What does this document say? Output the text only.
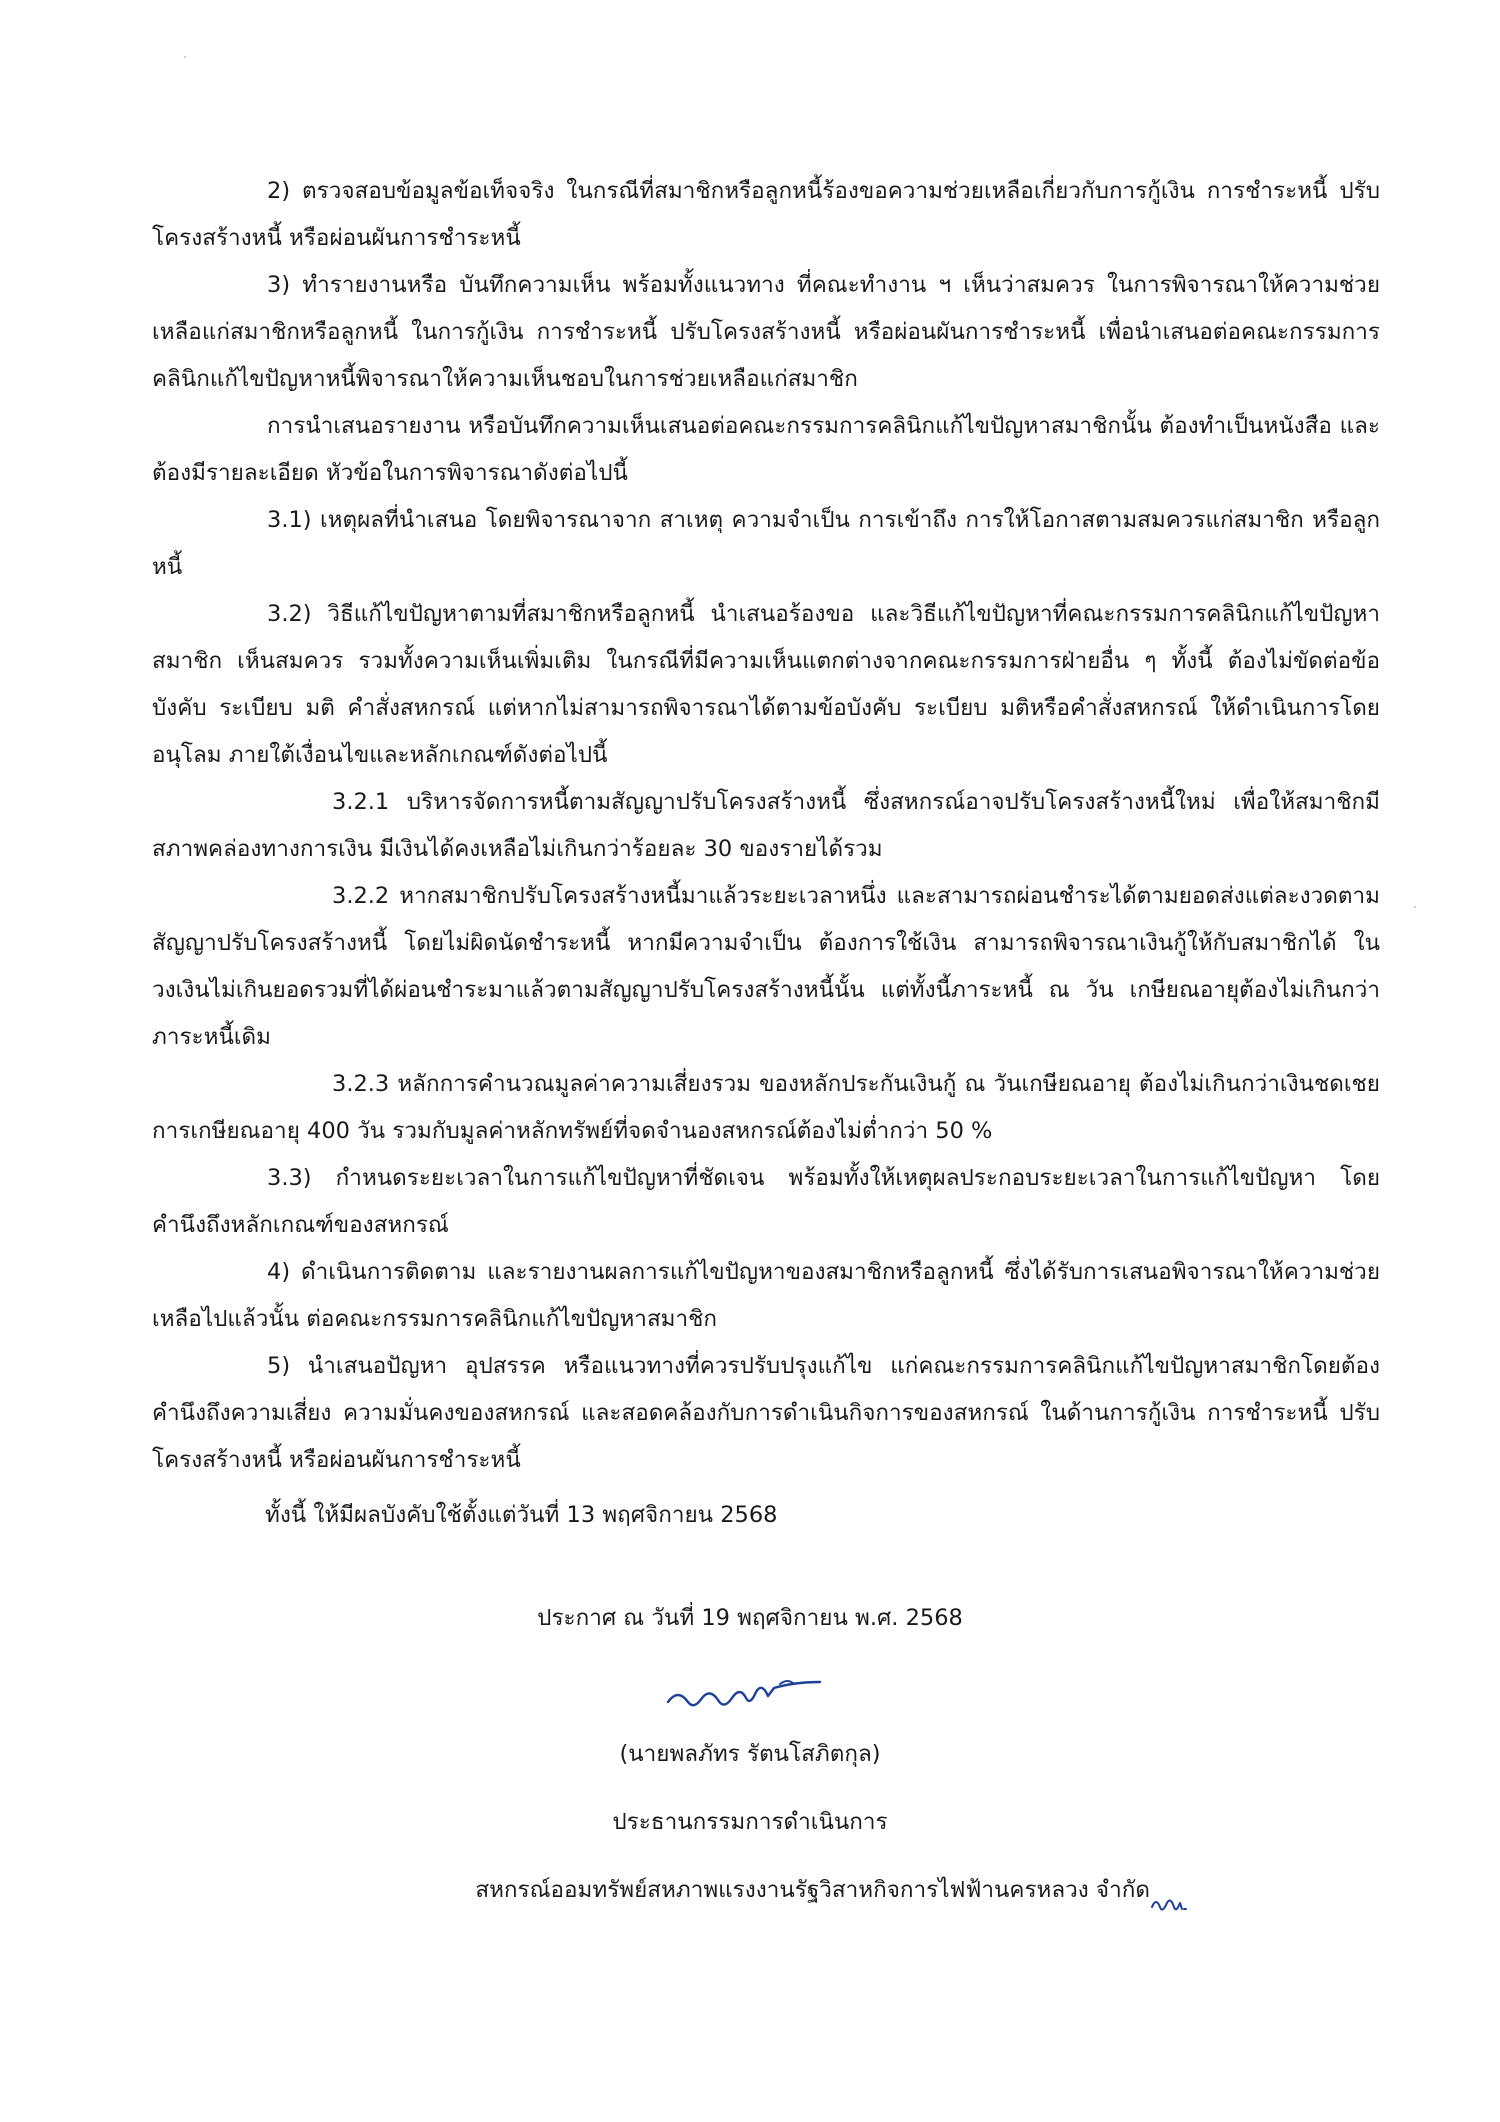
2) ตรวจสอบข้อมูลข้อเท็จจริง ในกรณีที่สมาชิกหรือลูกหนี้ร้องขอความช่วยเหลือเกี่ยวกับการกู้เงิน การชำระหนี้ ปรับโครงสร้างหนี้ หรือผ่อนผันการชำระหนี้

3) ทำรายงานหรือ บันทึกความเห็น พร้อมทั้งแนวทาง ที่คณะทำงาน ฯ เห็นว่าสมควร ในการพิจารณาให้ความช่วยเหลือแก่สมาชิกหรือลูกหนี้ ในการกู้เงิน การชำระหนี้ ปรับโครงสร้างหนี้ หรือผ่อนผันการชำระหนี้ เพื่อนำเสนอต่อคณะกรรมการคลินิกแก้ไขปัญหาหนี้พิจารณาให้ความเห็นชอบในการช่วยเหลือแก่สมาชิก

การนำเสนอรายงาน หรือบันทึกความเห็นเสนอต่อคณะกรรมการคลินิกแก้ไขปัญหาสมาชิกนั้น ต้องทำเป็นหนังสือ และต้องมีรายละเอียด หัวข้อในการพิจารณาดังต่อไปนี้

3.1) เหตุผลที่นำเสนอ โดยพิจารณาจาก สาเหตุ ความจำเป็น การเข้าถึง การให้โอกาสตามสมควรแก่สมาชิก หรือลูกหนี้

3.2) วิธีแก้ไขปัญหาตามที่สมาชิกหรือลูกหนี้ นำเสนอร้องขอ และวิธีแก้ไขปัญหาที่คณะกรรมการคลินิกแก้ไขปัญหาสมาชิก เห็นสมควร รวมทั้งความเห็นเพิ่มเติม ในกรณีที่มีความเห็นแตกต่างจากคณะกรรมการฝ่ายอื่น ๆ ทั้งนี้ ต้องไม่ขัดต่อข้อบังคับ ระเบียบ มติ คำสั่งสหกรณ์ แต่หากไม่สามารถพิจารณาได้ตามข้อบังคับ ระเบียบ มติหรือคำสั่งสหกรณ์ ให้ดำเนินการโดยอนุโลม ภายใต้เงื่อนไขและหลักเกณฑ์ดังต่อไปนี้

3.2.1 บริหารจัดการหนี้ตามสัญญาปรับโครงสร้างหนี้ ซึ่งสหกรณ์อาจปรับโครงสร้างหนี้ใหม่ เพื่อให้สมาชิกมีสภาพคล่องทางการเงิน มีเงินได้คงเหลือไม่เกินกว่าร้อยละ 30 ของรายได้รวม

3.2.2 หากสมาชิกปรับโครงสร้างหนี้มาแล้วระยะเวลาหนึ่ง และสามารถผ่อนชำระได้ตามยอดส่งแต่ละงวดตามสัญญาปรับโครงสร้างหนี้ โดยไม่ผิดนัดชำระหนี้ หากมีความจำเป็น ต้องการใช้เงิน สามารถพิจารณาเงินกู้ให้กับสมาชิกได้ ในวงเงินไม่เกินยอดรวมที่ได้ผ่อนชำระมาแล้วตามสัญญาปรับโครงสร้างหนี้นั้น แต่ทั้งนี้ภาระหนี้ ณ วัน เกษียณอายุต้องไม่เกินกว่าภาระหนี้เดิม

3.2.3 หลักการคำนวณมูลค่าความเสี่ยงรวม ของหลักประกันเงินกู้ ณ วันเกษียณอายุ ต้องไม่เกินกว่าเงินชดเชยการเกษียณอายุ 400 วัน รวมกับมูลค่าหลักทรัพย์ที่จดจำนองสหกรณ์ต้องไม่ต่ำกว่า 50 %

3.3) กำหนดระยะเวลาในการแก้ไขปัญหาที่ชัดเจน พร้อมทั้งให้เหตุผลประกอบระยะเวลาในการแก้ไขปัญหา โดยคำนึงถึงหลักเกณฑ์ของสหกรณ์

4) ดำเนินการติดตาม และรายงานผลการแก้ไขปัญหาของสมาชิกหรือลูกหนี้ ซึ่งได้รับการเสนอพิจารณาให้ความช่วยเหลือไปแล้วนั้น ต่อคณะกรรมการคลินิกแก้ไขปัญหาสมาชิก

5) นำเสนอปัญหา อุปสรรค หรือแนวทางที่ควรปรับปรุงแก้ไข แก่คณะกรรมการคลินิกแก้ไขปัญหาสมาชิกโดยต้องคำนึงถึงความเสี่ยง ความมั่นคงของสหกรณ์ และสอดคล้องกับการดำเนินกิจการของสหกรณ์ ในด้านการกู้เงิน การชำระหนี้ ปรับโครงสร้างหนี้ หรือผ่อนผันการชำระหนี้

ทั้งนี้ ให้มีผลบังคับใช้ตั้งแต่วันที่ 13 พฤศจิกายน 2568

ประกาศ ณ วันที่ 19 พฤศจิกายน พ.ศ. 2568

(นายพลภัทร รัตนโสภิตกุล)

ประธานกรรมการดำเนินการ

สหกรณ์ออมทรัพย์สหภาพแรงงานรัฐวิสาหกิจการไฟฟ้านครหลวง จำกัด
